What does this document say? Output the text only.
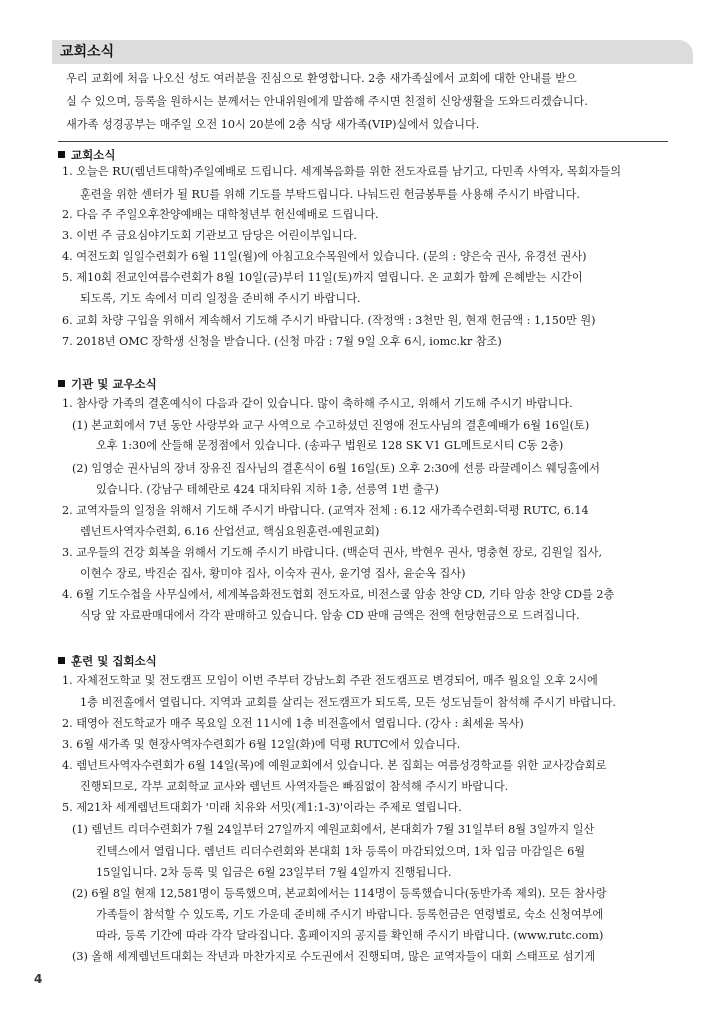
교회소식
우리 교회에 처음 나오신 성도 여러분을 진심으로 환영합니다. 2층 새가족실에서 교회에 대한 안내를 받으
실 수 있으며, 등록을 원하시는 분께서는 안내위원에게 말씀해 주시면 친절히 신앙생활을 도와드리겠습니다.
새가족 성경공부는 매주일 오전 10시 20분에 2층 식당 새가족(VIP)실에서 있습니다.
교회소식
1. 오늘은 RU(렘넌트대학)주일예배로 드립니다. 세계복음화를 위한 전도자료를 남기고, 다민족 사역자, 목회자들의
훈련을 위한 센터가 될 RU를 위해 기도를 부탁드립니다. 나눠드린 헌금봉투를 사용해 주시기 바랍니다.
2. 다음 주 주일오후찬양예배는 대학청년부 헌신예배로 드립니다.
3. 이번 주 금요심야기도회 기관보고 담당은 어린이부입니다.
4. 여전도회 일일수련회가 6월 11일(월)에 아침고요수목원에서 있습니다. (문의 : 양은숙 권사, 유경선 권사)
5. 제10회 전교인여름수련회가 8월 10일(금)부터 11일(토)까지 열립니다. 온 교회가 함께 은혜받는 시간이
되도록, 기도 속에서 미리 일정을 준비해 주시기 바랍니다.
6. 교회 차량 구입을 위해서 계속해서 기도해 주시기 바랍니다. (작정액 : 3천만 원, 현재 헌금액 : 1,150만 원)
7. 2018년 OMC 장학생 신청을 받습니다. (신청 마감 : 7월 9일 오후 6시, iomc.kr 참조)
기관 및 교우소식
1. 참사랑 가족의 결혼예식이 다음과 같이 있습니다. 많이 축하해 주시고, 위해서 기도해 주시기 바랍니다.
(1) 본교회에서 7년 동안 사랑부와 교구 사역으로 수고하셨던 진영애 전도사님의 결혼예배가 6월 16일(토)
오후 1:30에 산들해 문정점에서 있습니다. (송파구 법원로 128 SK V1 GL메트로시티 C동 2층)
(2) 임영순 권사님의 장녀 장유진 집사님의 결혼식이 6월 16일(토) 오후 2:30에 선릉 라끌레이스 웨딩홀에서
있습니다. (강남구 테헤란로 424 대치타워 지하 1층, 선릉역 1번 출구)
2. 교역자들의 일정을 위해서 기도해 주시기 바랍니다. (교역자 전체 : 6.12 새가족수련회-덕평 RUTC, 6.14
렘넌트사역자수련회, 6.16 산업선교, 핵심요원훈련-예원교회)
3. 교우들의 건강 회복을 위해서 기도해 주시기 바랍니다. (백순덕 권사, 박현우 권사, 명충현 장로, 김원일 집사,
이현수 장로, 박진순 집사, 황미야 집사, 이숙자 권사, 윤기영 집사, 윤순옥 집사)
4. 6월 기도수첩을 사무실에서, 세계복음화전도협회 전도자료, 비전스쿨 암송 찬양 CD, 기타 암송 찬양 CD를 2층
식당 앞 자료판매대에서 각각 판매하고 있습니다. 암송 CD 판매 금액은 전액 헌당헌금으로 드려집니다.
훈련 및 집회소식
1. 자체전도학교 및 전도캠프 모임이 이번 주부터 강남노회 주관 전도캠프로 변경되어, 매주 월요일 오후 2시에
1층 비전홀에서 열립니다. 지역과 교회를 살리는 전도캠프가 되도록, 모든 성도님들이 참석해 주시기 바랍니다.
2. 태영아 전도학교가 매주 목요일 오전 11시에 1층 비전홀에서 열립니다. (강사 : 최세윤 목사)
3. 6월 새가족 및 현장사역자수련회가 6월 12일(화)에 덕평 RUTC에서 있습니다.
4. 렘넌트사역자수련회가 6월 14일(목)에 예원교회에서 있습니다. 본 집회는 여름성경학교를 위한 교사강습회로
진행되므로, 각부 교회학교 교사와 렘넌트 사역자들은 빠짐없이 참석해 주시기 바랍니다.
5. 제21차 세계렘넌트대회가 '미래 치유와 서밋(계1:1-3)'이라는 주제로 열립니다.
(1) 렘넌트 리더수련회가 7월 24일부터 27일까지 예원교회에서, 본대회가 7월 31일부터 8월 3일까지 일산
킨텍스에서 열립니다. 렘넌트 리더수련회와 본대회 1차 등록이 마감되었으며, 1차 입금 마감일은 6월
15일입니다. 2차 등록 및 입금은 6월 23일부터 7월 4일까지 진행됩니다.
(2) 6월 8일 현재 12,581명이 등록했으며, 본교회에서는 114명이 등록했습니다(동반가족 제외). 모든 참사랑
가족들이 참석할 수 있도록, 기도 가운데 준비해 주시기 바랍니다. 등록헌금은 연령별로, 숙소 신청여부에
따라, 등록 기간에 따라 각각 달라집니다. 홈페이지의 공지를 확인해 주시기 바랍니다. (www.rutc.com)
(3) 올해 세계렘넌트대회는 작년과 마찬가지로 수도권에서 진행되며, 많은 교역자들이 대회 스태프로 섬기게
4
